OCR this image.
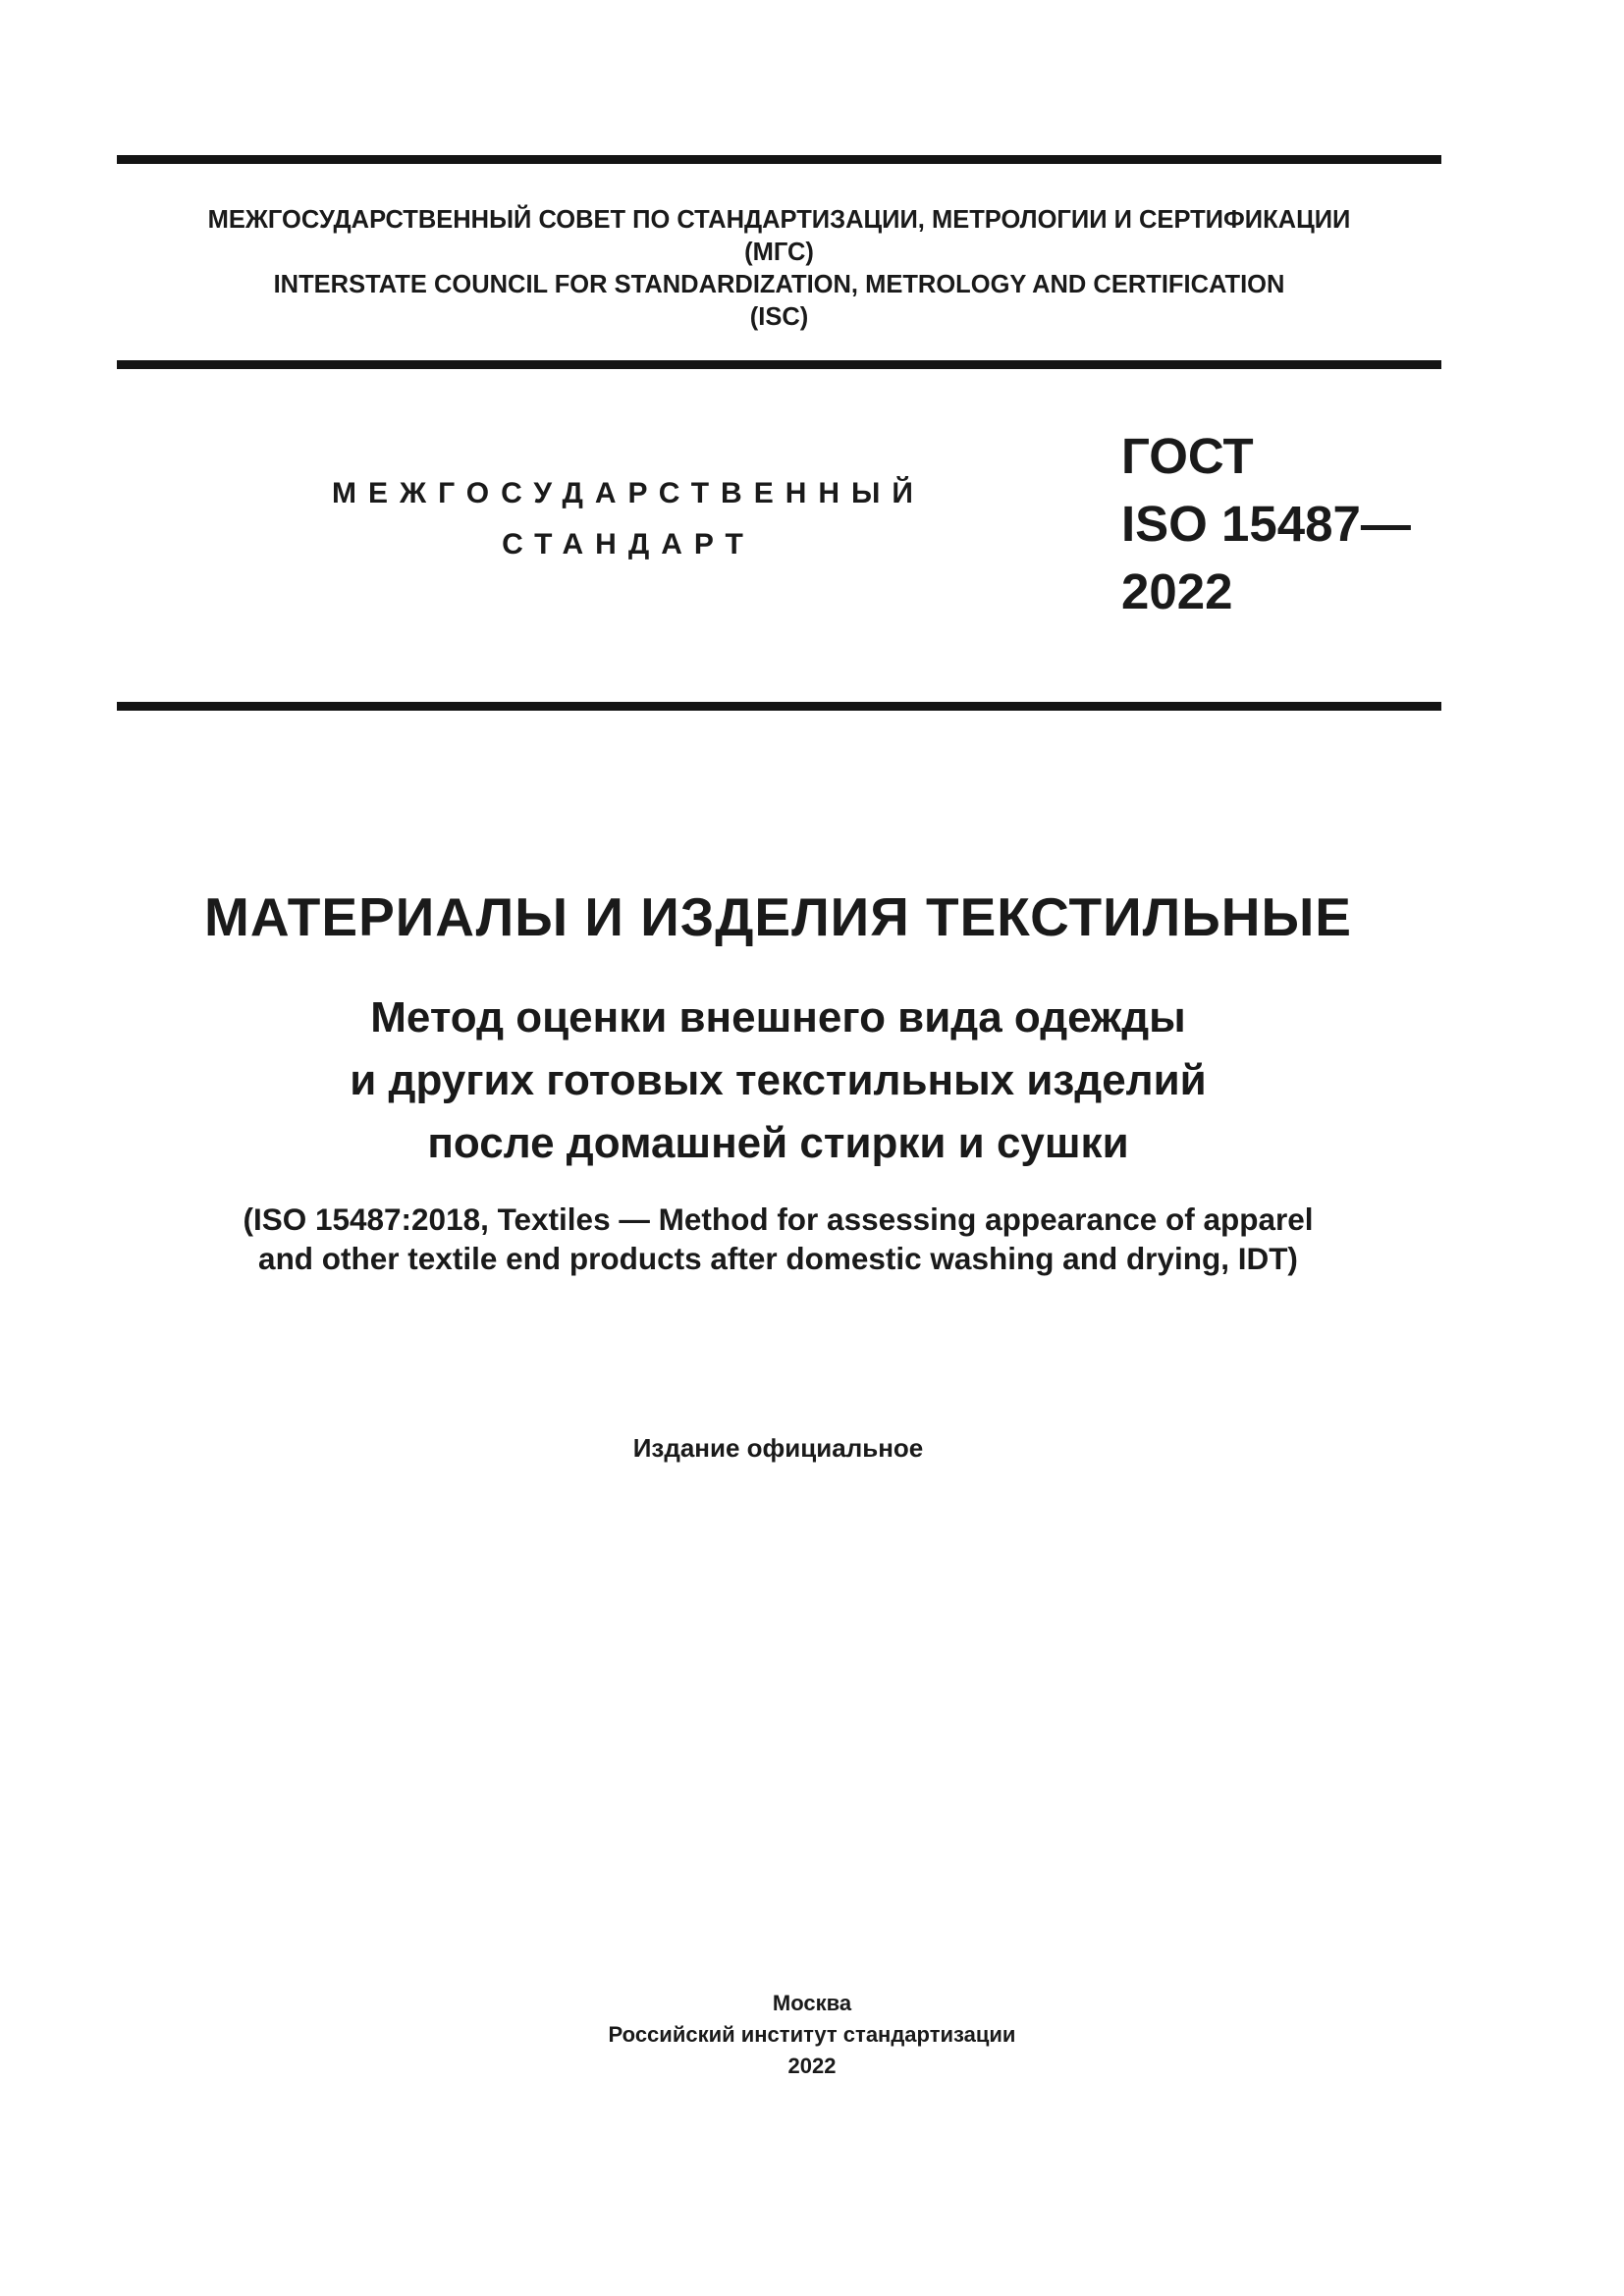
МЕЖГОСУДАРСТВЕННЫЙ СОВЕТ ПО СТАНДАРТИЗАЦИИ, МЕТРОЛОГИИ И СЕРТИФИКАЦИИ
(МГС)
INTERSTATE COUNCIL FOR STANDARDIZATION, METROLOGY AND CERTIFICATION
(ISC)
МЕЖГОСУДАРСТВЕННЫЙ
СТАНДАРТ
ГОСТ
ISO 15487—
2022
МАТЕРИАЛЫ И ИЗДЕЛИЯ ТЕКСТИЛЬНЫЕ
Метод оценки внешнего вида одежды
и других готовых текстильных изделий
после домашней стирки и сушки
(ISO 15487:2018, Textiles — Method for assessing appearance of apparel
and other textile end products after domestic washing and drying, IDT)
Издание официальное
Москва
Российский институт стандартизации
2022
